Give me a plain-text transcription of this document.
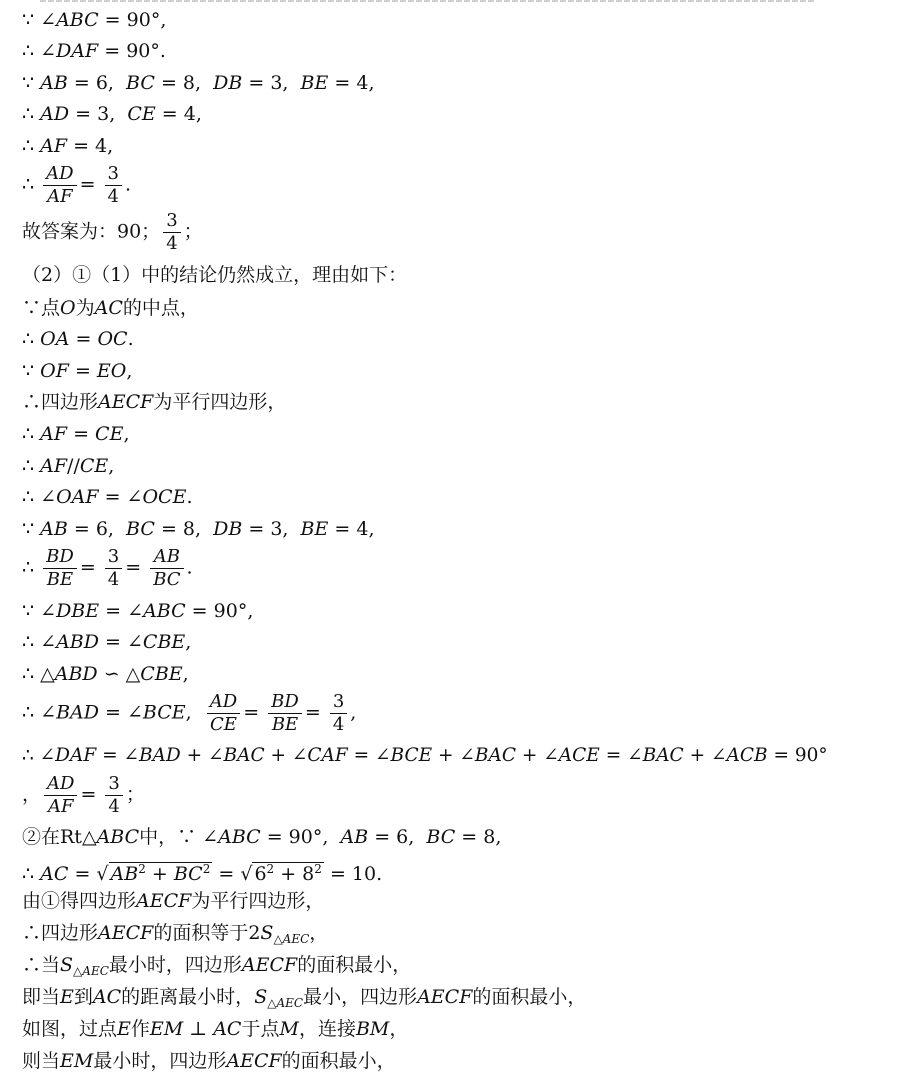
∵ ∠ABC = 90°,
∴ ∠DAF = 90°.
∵ AB = 6,  BC = 8,  DB = 3,  BE = 4,
∴ AD = 3,  CE = 4,
∴ AF = 4,
∴ $\frac{AD}{AF} = \frac{3}{4}$ .
故答案为：90； $\frac{3}{4}$ ；
（2）①（1）中的结论仍然成立，理由如下：
∵点O为AC的中点，
∴ OA = OC.
∵ OF = EO,
∴四边形AECF为平行四边形，
∴ AF = CE,
∴ AF//CE,
∴ ∠OAF = ∠OCE.
∵ AB = 6,  BC = 8,  DB = 3,  BE = 4,
∴ $\frac{BD}{BE} = \frac{3}{4} = \frac{AB}{BC}$ .
∵ ∠DBE = ∠ABC = 90°,
∴ ∠ABD = ∠CBE,
∴ △ABD ∽ △CBE,
∴ ∠BAD = ∠BCE, $\frac{AD}{CE} = \frac{BD}{BE} = \frac{3}{4}$ ,
∴ ∠DAF = ∠BAD + ∠BAC + ∠CAF = ∠BCE + ∠BAC + ∠ACE = ∠BAC + ∠ACB = 90°
， $\frac{AD}{AF} = \frac{3}{4}$ ；
②在Rt△ABC中，∵ ∠ABC = 90°,  AB = 6,  BC = 8,
∴ AC = √ $AB^2 + BC^2$ = √ $6^2 + 8^2 = 10$.
由①得四边形AECF为平行四边形，
∴四边形AECF的面积等于$2S_{\triangle AEC}$，
∴当$S_{\triangle AEC}$最小时，四边形AECF的面积最小，
即当E到AC的距离最小时，$S_{\triangle AEC}$最小，四边形AECF的面积最小，
如图，过点E作EM ⊥ AC于点M，连接BM，
则当EM最小时，四边形AECF的面积最小，
